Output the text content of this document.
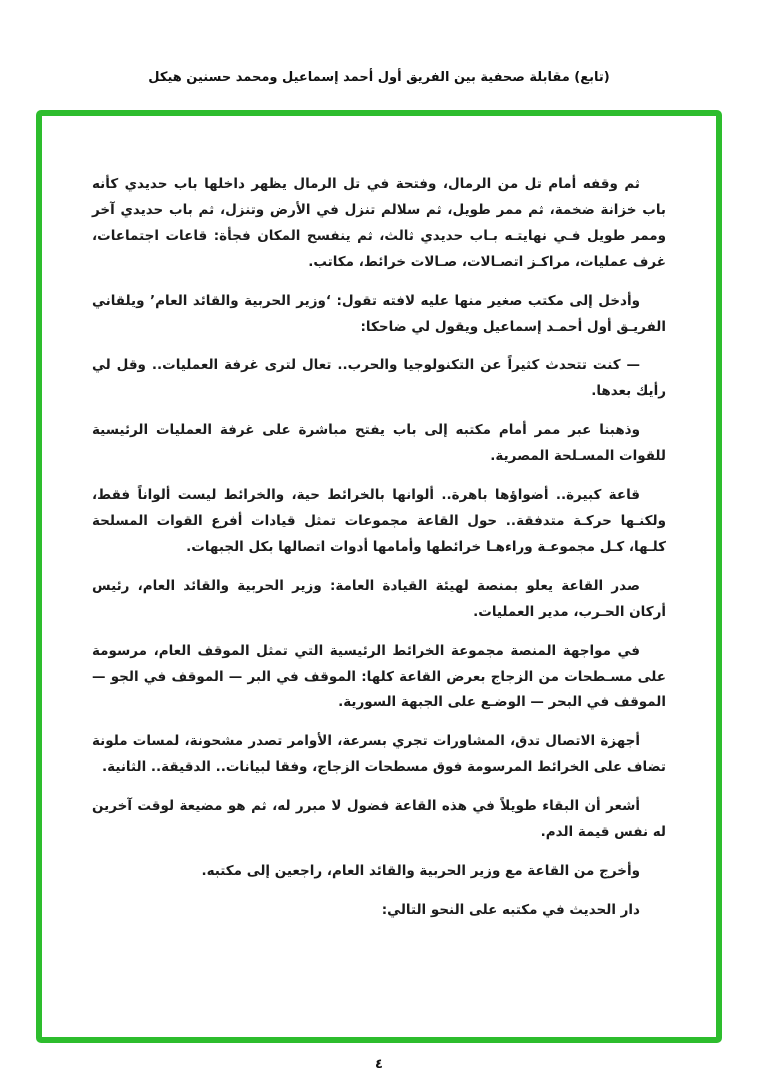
(تابع) مقابلة صحفية بين الفريق أول أحمد إسماعيل ومحمد حسنين هيكل

ثم وقفه أمام تل من الرمال، وفتحة في تل الرمال يظهر داخلها باب حديدي كأنه باب خزانة ضخمة، ثم ممر طويل، ثم سلالم تنزل في الأرض وتنزل، ثم باب حديدي آخر وممر طويل فـي نهايتـه بـاب حديدي ثالث، ثم ينفسح المكان فجأة: قاعات اجتماعات، غرف عمليات، مراكـز اتصـالات، صـالات خرائط، مكاتب.

وأدخل إلى مكتب صغير منها عليه لافته تقول: ‘وزير الحربية والقائد العام’ ويلقاني الفريـق أول أحمـد إسماعيل ويقول لي ضاحكا:

— كنت تتحدث كثيراً عن التكنولوجيا والحرب.. تعال لترى غرفة العمليات.. وقل لي رأيك بعدها.

وذهبنا عبر ممر أمام مكتبه إلى باب يفتح مباشرة على غرفة العمليات الرئيسية للقوات المسـلحة المصرية.

قاعة كبيرة.. أضواؤها باهرة.. ألوانها بالخرائط حية، والخرائط ليست ألواناً فقط، ولكنـها حركـة متدفقة.. حول القاعة مجموعات تمثل قيادات أفرع القوات المسلحة كلـها، كـل مجموعـة وراءهـا خرائطها وأمامها أدوات اتصالها بكل الجبهات.

صدر القاعة يعلو بمنصة لهيئة القيادة العامة: وزير الحربية والقائد العام، رئيس أركان الحـرب، مدير العمليات.

في مواجهة المنصة مجموعة الخرائط الرئيسية التي تمثل الموقف العام، مرسومة على مسـطحات من الزجاج بعرض القاعة كلها: الموقف في البر — الموقف في الجو — الموقف في البحر — الوضـع على الجبهة السورية.

أجهزة الاتصال تدق، المشاورات تجري بسرعة، الأوامر تصدر مشحونة، لمسات ملونة تضاف على الخرائط المرسومة فوق مسطحات الزجاج، وفقا لبيانات.. الدقيقة.. الثانية.

أشعر أن البقاء طويلاً في هذه القاعة فضول لا مبرر له، ثم هو مضيعة لوقت آخرين له نفس قيمة الدم.

وأخرج من القاعة مع وزير الحربية والقائد العام، راجعين إلى مكتبه.

دار الحديث في مكتبه على النحو التالي:

٤
